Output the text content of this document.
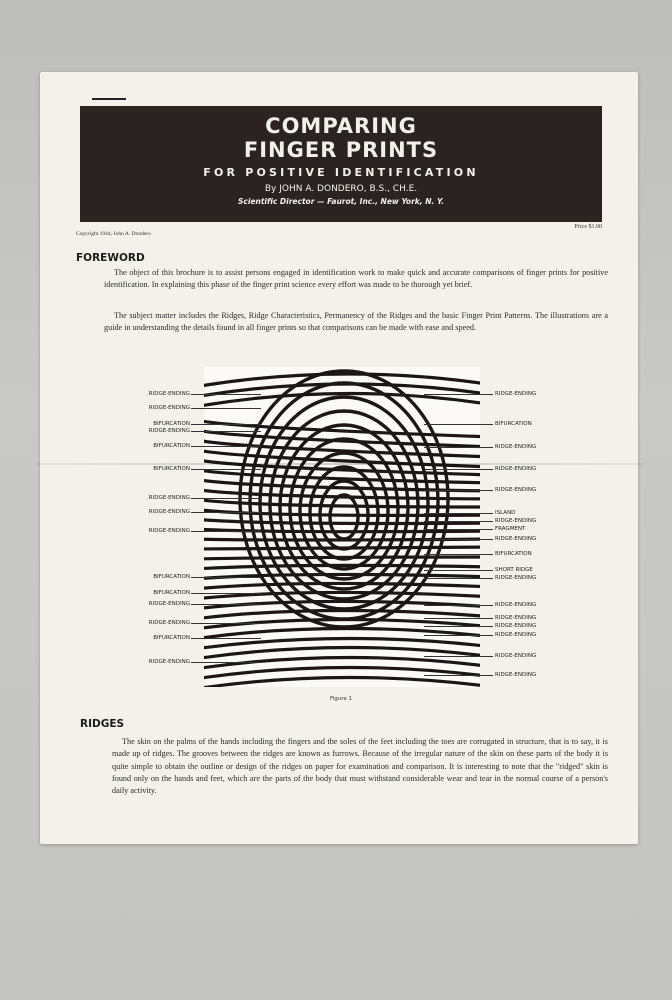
COMPARING
FINGER PRINTS
FOR POSITIVE IDENTIFICATION
By JOHN A. DONDERO, B.S., CH.E.
Scientific Director — Faurot, Inc., New York, N. Y.
Copyright 1944, John A. Dondero
Price $1.00
FOREWORD

The object of this brochure is to assist persons engaged in identification work to make quick and accurate comparisons of finger prints for positive identification. In explaining this phase of the finger print science every effort was made to be thorough yet brief.

The subject matter includes the Ridges, Ridge Characteristics, Permanency of the Ridges and the basic Finger Print Patterns. The illustrations are a guide in understanding the details found in all finger prints so that comparisons can be made with ease and speed.

RIDGE-ENDING
RIDGE-ENDING
BIFURCATION
RIDGE-ENDING
BIFURCATION
BIFURCATION
RIDGE-ENDING
RIDGE-ENDING
RIDGE-ENDING
BIFURCATION
BIFURCATION
RIDGE-ENDING
RIDGE-ENDING
BIFURCATION
RIDGE-ENDING
RIDGE-ENDING
BIFURCATION
RIDGE-ENDING
RIDGE-ENDING
RIDGE-ENDING
ISLAND
RIDGE-ENDING
FRAGMENT
RIDGE-ENDING
BIFURCATION
SHORT RIDGE
RIDGE-ENDING
RIDGE-ENDING
RIDGE-ENDING
RIDGE-ENDING
RIDGE-ENDING
RIDGE-ENDING
RIDGE-ENDING
Figure 1
RIDGES

The skin on the palms of the hands including the fingers and the soles of the feet including the toes are corrugated in structure, that is to say, it is made up of ridges. The grooves between the ridges are known as furrows. Because of the irregular nature of the skin on these parts of the body it is quite simple to obtain the outline or design of the ridges on paper for examination and comparison. It is interesting to note that the "ridged" skin is found only on the hands and feet, which are the parts of the body that must withstand considerable wear and tear in the normal course of a person's daily activity.
